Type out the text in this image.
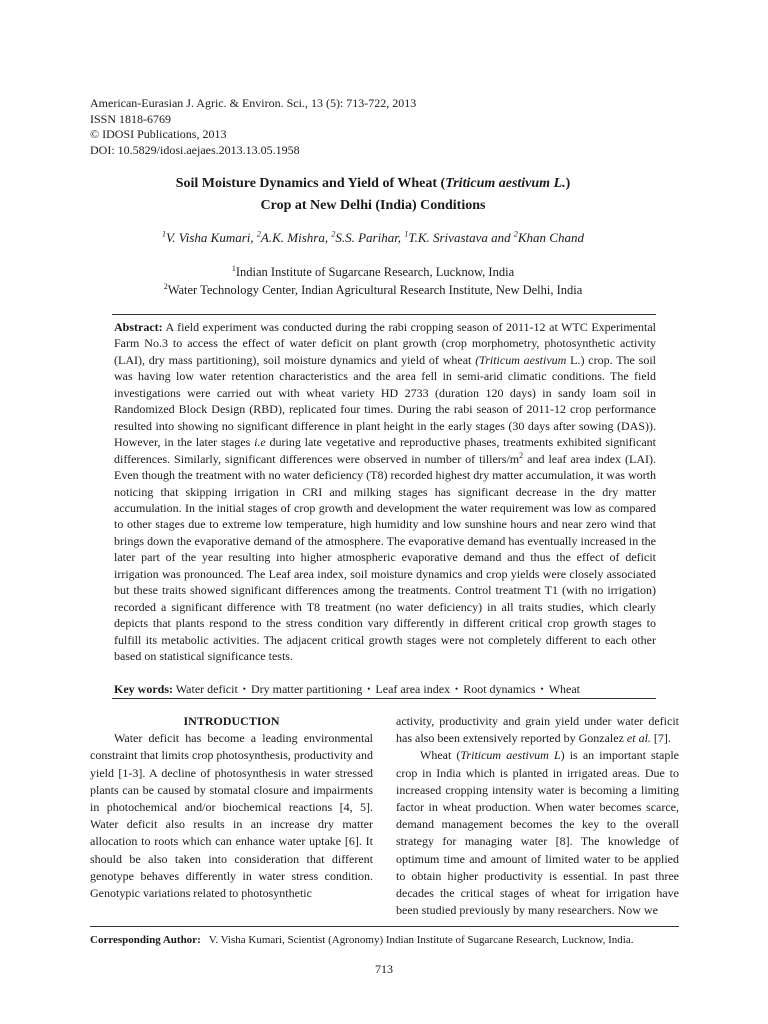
American-Eurasian J. Agric. & Environ. Sci., 13 (5): 713-722, 2013
ISSN 1818-6769
© IDOSI Publications, 2013
DOI: 10.5829/idosi.aejaes.2013.13.05.1958
Soil Moisture Dynamics and Yield of Wheat (Triticum aestivum L.)
Crop at New Delhi (India) Conditions
$^1$V. Visha Kumari, $^2$A.K. Mishra, $^2$S.S. Parihar, $^1$T.K. Srivastava and $^2$Khan Chand
$^1$Indian Institute of Sugarcane Research, Lucknow, India
$^2$Water Technology Center, Indian Agricultural Research Institute, New Delhi, India
Abstract: A field experiment was conducted during the rabi cropping season of 2011-12 at WTC Experimental Farm No.3 to access the effect of water deficit on plant growth (crop morphometry, photosynthetic activity (LAI), dry mass partitioning), soil moisture dynamics and yield of wheat (Triticum aestivum L.) crop. The soil was having low water retention characteristics and the area fell in semi-arid climatic conditions. The field investigations were carried out with wheat variety HD 2733 (duration 120 days) in sandy loam soil in Randomized Block Design (RBD), replicated four times. During the rabi season of 2011-12 crop performance resulted into showing no significant difference in plant height in the early stages (30 days after sowing (DAS)). However, in the later stages i.e during late vegetative and reproductive phases, treatments exhibited significant differences. Similarly, significant differences were observed in number of tillers/$m^2$ and leaf area index (LAI). Even though the treatment with no water deficiency (T8) recorded highest dry matter accumulation, it was worth noticing that skipping irrigation in CRI and milking stages has significant decrease in the dry matter accumulation. In the initial stages of crop growth and development the water requirement was low as compared to other stages due to extreme low temperature, high humidity and low sunshine hours and near zero wind that brings down the evaporative demand of the atmosphere. The evaporative demand has eventually increased in the later part of the year resulting into higher atmospheric evaporative demand and thus the effect of deficit irrigation was pronounced. The Leaf area index, soil moisture dynamics and crop yields were closely associated but these traits showed significant differences among the treatments. Control treatment T1 (with no irrigation) recorded a significant difference with T8 treatment (no water deficiency) in all traits studies, which clearly depicts that plants respond to the stress condition vary differently in different critical crop growth stages to fulfill its metabolic activities. The adjacent critical growth stages were not completely different to each other based on statistical significance tests.
Key words: Water deficit • Dry matter partitioning • Leaf area index • Root dynamics • Wheat

INTRODUCTION

Water deficit has become a leading environmental constraint that limits crop photosynthesis, productivity and yield [1-3]. A decline of photosynthesis in water stressed plants can be caused by stomatal closure and impairments in photochemical and/or biochemical reactions [4, 5]. Water deficit also results in an increase dry matter allocation to roots which can enhance water uptake [6]. It should be also taken into consideration that different genotype behaves differently in water stress condition. Genotypic variations related to photosynthetic

activity, productivity and grain yield under water deficit has also been extensively reported by Gonzalez et al. [7].

Wheat (Triticum aestivum L) is an important staple crop in India which is planted in irrigated areas. Due to increased cropping intensity water is becoming a limiting factor in wheat production. When water becomes scarce, demand management becomes the key to the overall strategy for managing water [8]. The knowledge of optimum time and amount of limited water to be applied to obtain higher productivity is essential. In past three decades the critical stages of wheat for irrigation have been studied previously by many researchers. Now we

Corresponding Author: V. Visha Kumari, Scientist (Agronomy) Indian Institute of Sugarcane Research, Lucknow, India.
713
